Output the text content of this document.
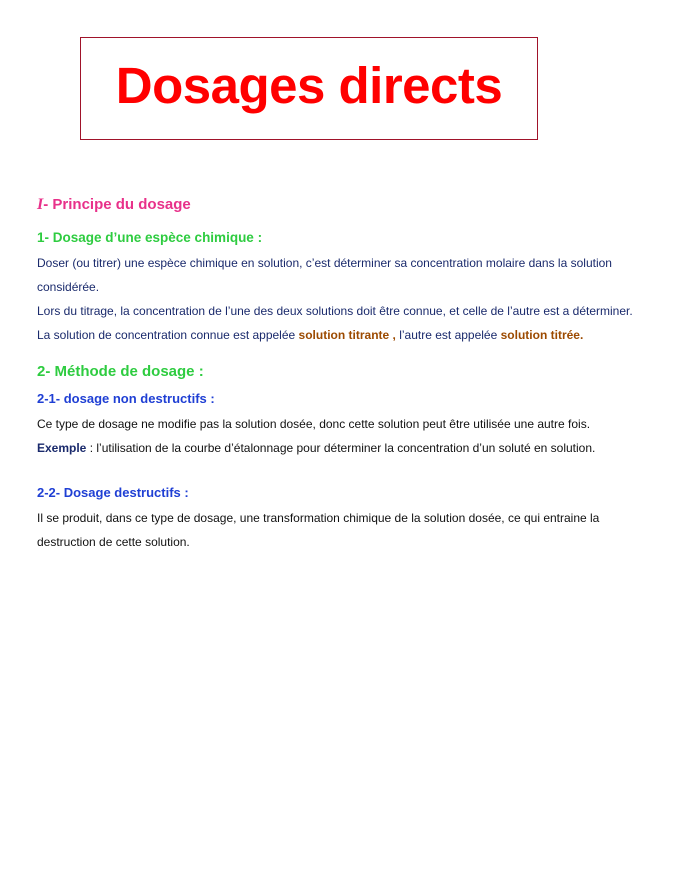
Dosages directs
I- Principe du dosage
1- Dosage d’une espèce chimique :

Doser (ou titrer) une espèce chimique en solution, c’est déterminer sa concentration molaire dans la solution considérée.

Lors du titrage, la concentration de l’une des deux solutions doit être connue, et celle de l’autre est a déterminer.

La solution de concentration connue est appelée solution titrante , l’autre est appelée solution titrée.

2- Méthode de dosage :
2-1- dosage non destructifs :

Ce type de dosage ne modifie pas la solution dosée, donc cette solution peut être utilisée une autre fois.

Exemple : l’utilisation de la courbe d’étalonnage pour déterminer la concentration d’un soluté en solution.

2-2- Dosage destructifs :

Il se produit, dans ce type de dosage, une transformation chimique de la solution dosée, ce qui entraine la destruction de cette solution.
